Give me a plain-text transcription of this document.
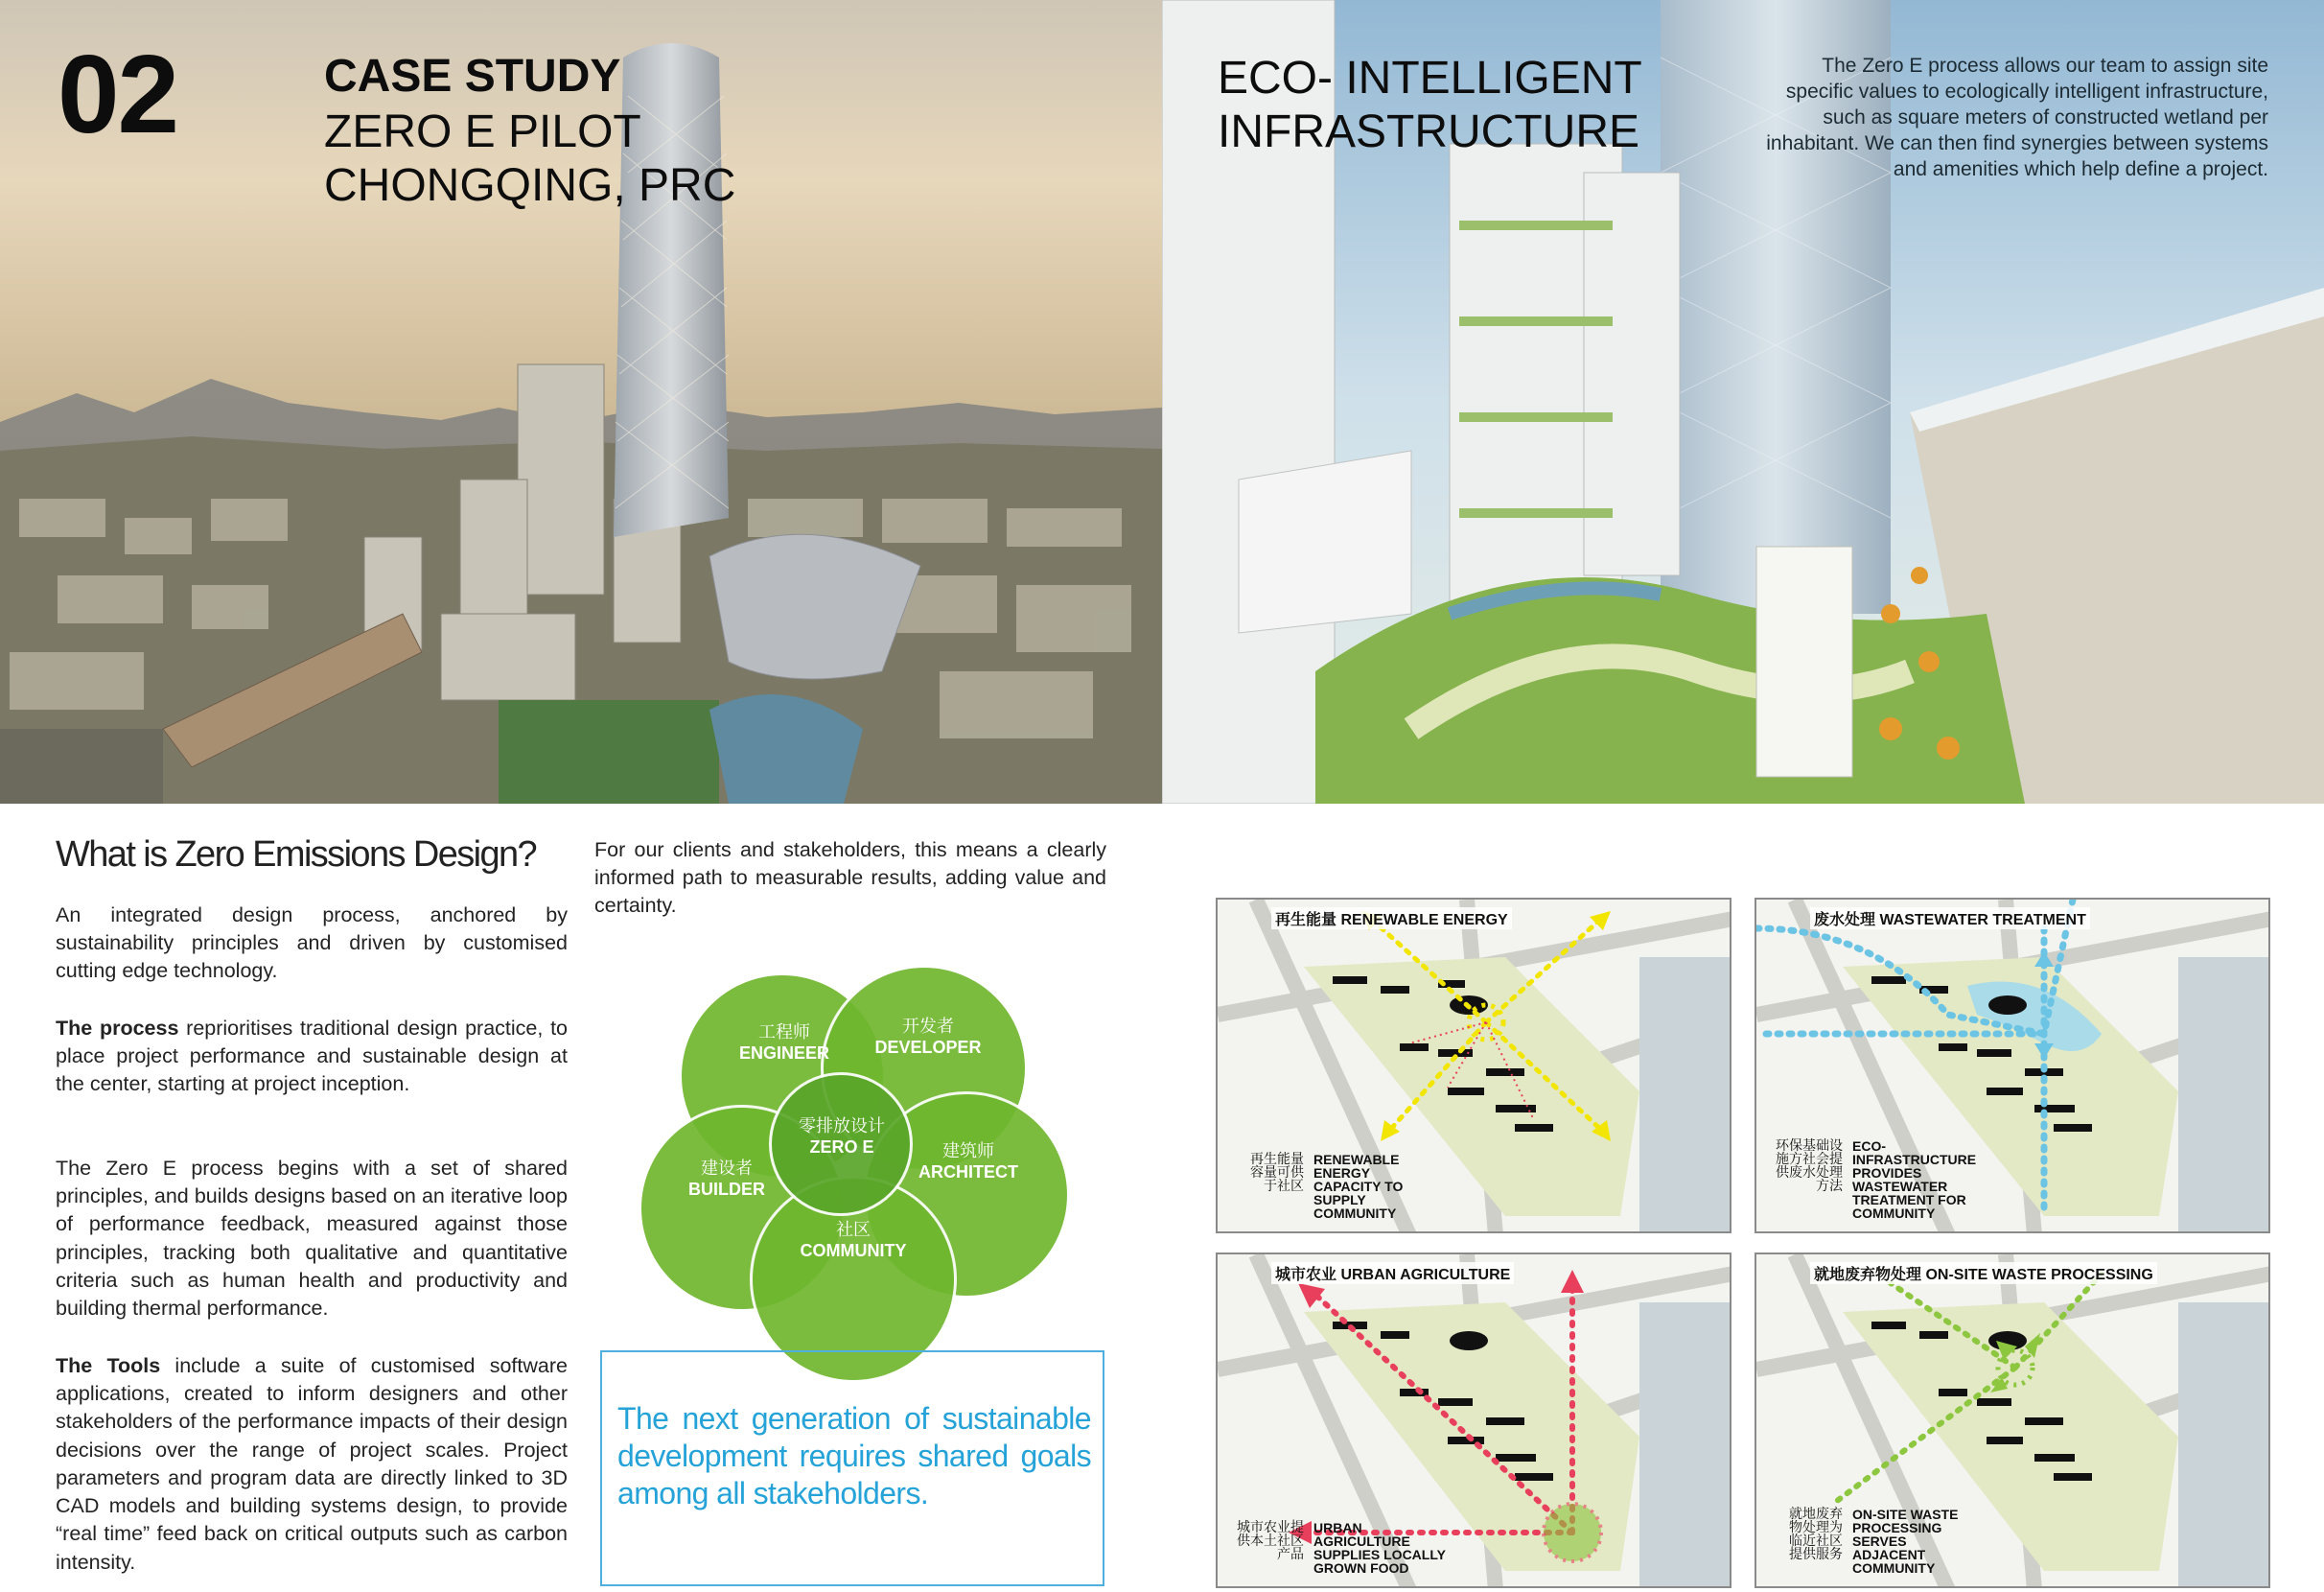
02	CASE STUDY
ZERO E PILOT
CHONGQING, PRC
ECO- INTELLIGENT
INFRASTRUCTURE
The Zero E process allows our team to assign site specific values to ecologically intelligent infrastructure, such as square meters of constructed wetland per inhabitant. We can then find synergies between systems and amenities which help define a project.
What is Zero Emissions Design?
An integrated design process, anchored by sustainability principles and driven by customised cutting edge technology.
The process reprioritises traditional design practice, to place project performance and sustainable design at the center, starting at project inception.
The Zero E process begins with a set of shared principles, and builds designs based on an iterative loop of performance feedback, measured against those principles, tracking both qualitative and quantitative criteria such as human health and productivity and building thermal performance.
The Tools include a suite of customised software applications, created to inform designers and other stakeholders of the performance impacts of their design decisions over the range of project scales. Project parameters and program data are directly linked to 3D CAD models and building systems design, to provide “real time” feed back on critical outputs such as carbon intensity.
For our clients and stakeholders, this means a clearly informed path to measurable results, adding value and certainty.
工程师
ENGINEER
开发者
DEVELOPER
建设者
BUILDER
建筑师
ARCHITECT
社区
COMMUNITY
零排放设计
ZERO E
The next generation of sustainable development requires shared goals among all stakeholders.
再生能量 RENEWABLE ENERGY
再生能量
容量可供
于社区
RENEWABLE ENERGY
CAPACITY TO SUPPLY
COMMUNITY
废水处理 WASTEWATER TREATMENT
环保基础设
施方社会提
供废水处理
方法
ECO-
INFRASTRUCTURE
PROVIDES
WASTEWATER
TREATMENT FOR
COMMUNITY
城市农业 URBAN AGRICULTURE
城市农业提
供本土社区
产品
URBAN AGRICULTURE
SUPPLIES LOCALLY
GROWN FOOD
就地废弃物处理 ON-SITE WASTE PROCESSING
就地废弃
物处理为
临近社区
提供服务
ON-SITE WASTE
PROCESSING SERVES
ADJACENT
COMMUNITY
